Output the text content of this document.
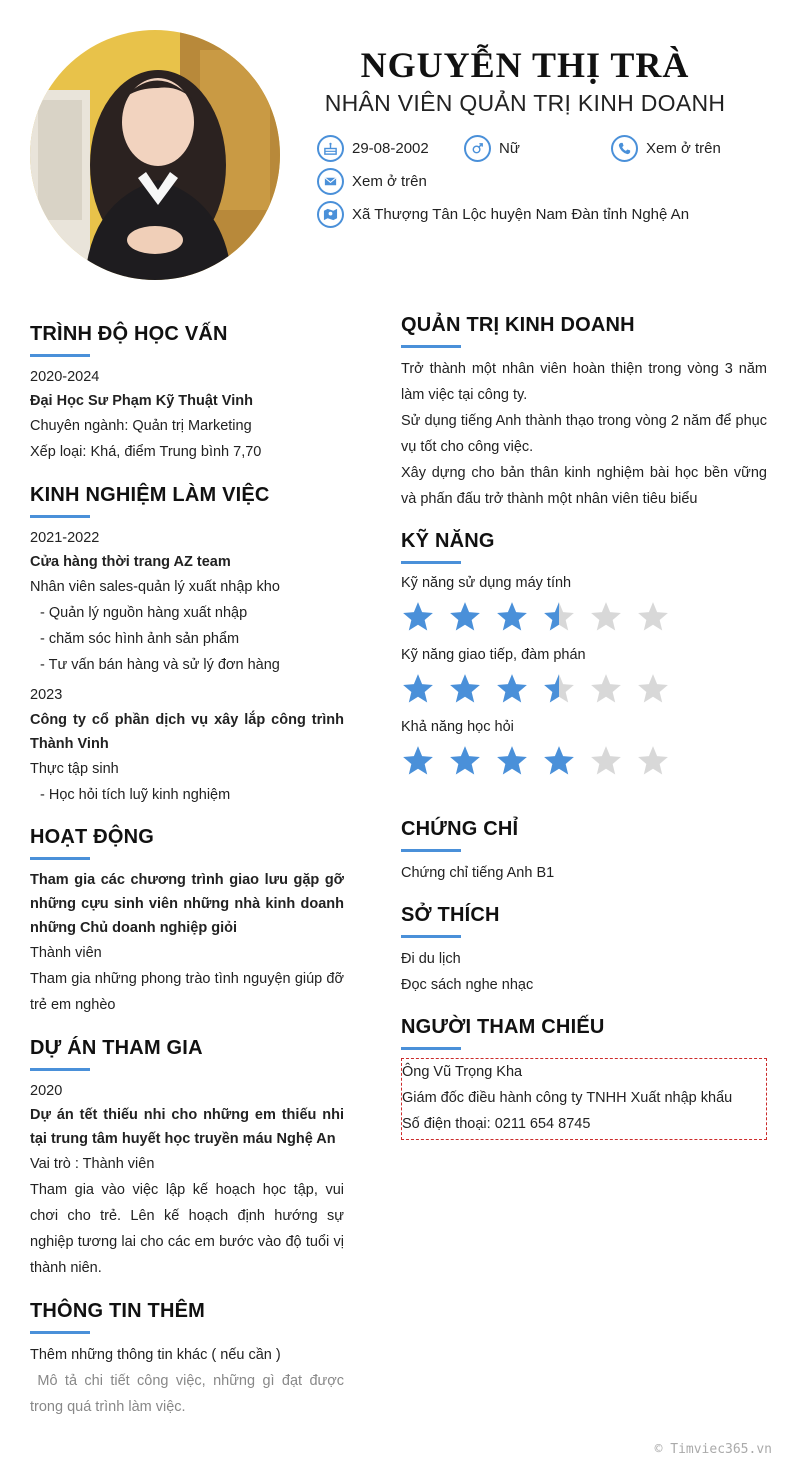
NGUYỄN THỊ TRÀ
NHÂN VIÊN QUẢN TRỊ KINH DOANH
29-08-2002	Nữ	Xem ở trên
Xem ở trên
Xã Thượng Tân Lộc huyện Nam Đàn tỉnh Nghệ An
TRÌNH ĐỘ HỌC VẤN
2020-2024
Đại Học Sư Phạm Kỹ Thuật Vinh
Chuyên ngành: Quản trị Marketing
Xếp loại: Khá, điểm Trung bình 7,70
KINH NGHIỆM LÀM VIỆC
2021-2022
Cửa hàng thời trang AZ team
Nhân viên sales-quản lý xuất nhập kho
- Quản lý nguồn hàng xuất nhập
- chăm sóc hình ảnh sản phẩm
- Tư vấn bán hàng và sử lý đơn hàng
2023
Công ty cổ phần dịch vụ xây lắp công trình Thành Vinh
Thực tập sinh
- Học hỏi tích luỹ kinh nghiệm
HOẠT ĐỘNG
Tham gia các chương trình giao lưu gặp gỡ những cựu sinh viên những nhà kinh doanh những Chủ doanh nghiệp giỏi
Thành viên
Tham gia những phong trào tình nguyện giúp đỡ trẻ em nghèo
DỰ ÁN THAM GIA
2020
Dự án tết thiếu nhi cho những em thiếu nhi tại trung tâm huyết học truyền máu Nghệ An
Vai trò : Thành viên
Tham gia vào việc lập kế hoạch học tập, vui chơi cho trẻ. Lên kế hoạch định hướng sự nghiệp tương lai cho các em bước vào độ tuổi vị thành niên.
THÔNG TIN THÊM
Thêm những thông tin khác ( nếu cần )
Mô tả chi tiết công việc, những gì đạt được trong quá trình làm việc.
QUẢN TRỊ KINH DOANH
Trở thành một nhân viên hoàn thiện trong vòng 3 năm làm việc tại công ty.
Sử dụng tiếng Anh thành thạo trong vòng 2 năm để phục vụ tốt cho công việc.
Xây dựng cho bản thân kinh nghiệm bài học bền vững và phấn đấu trở thành một nhân viên tiêu biểu
KỸ NĂNG
Kỹ năng sử dụng máy tính
Kỹ năng giao tiếp, đàm phán
Khả năng học hỏi
CHỨNG CHỈ
Chứng chỉ tiếng Anh B1
SỞ THÍCH
Đi du lịch
Đọc sách nghe nhạc
NGƯỜI THAM CHIẾU
Ông Vũ Trọng Kha
Giám đốc điều hành công ty TNHH Xuất nhập khẩu
Số điện thoại: 0211 654 8745
© Timviec365.vn
